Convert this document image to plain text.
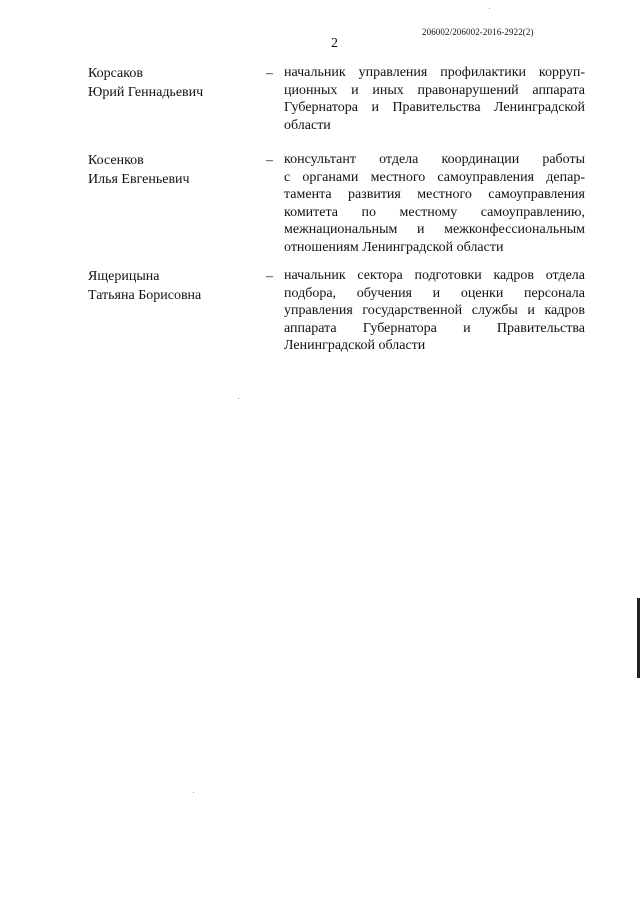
206002/206002-2016-2922(2)
2
Корсаков
Юрий Геннадьевич
– начальник управления профилактики корруп-
ционных и иных правонарушений аппарата
Губернатора и Правительства Ленинградской
области
Косенков
Илья Евгеньевич
– консультант отдела координации работы
с органами местного самоуправления депар-
тамента развития местного самоуправления
комитета по местному самоуправлению,
межнациональным и межконфессиональным
отношениям Ленинградской области
Ящерицына
Татьяна Борисовна
– начальник сектора подготовки кадров отдела
подбора, обучения и оценки персонала
управления государственной службы и кадров
аппарата Губернатора и Правительства
Ленинградской области
